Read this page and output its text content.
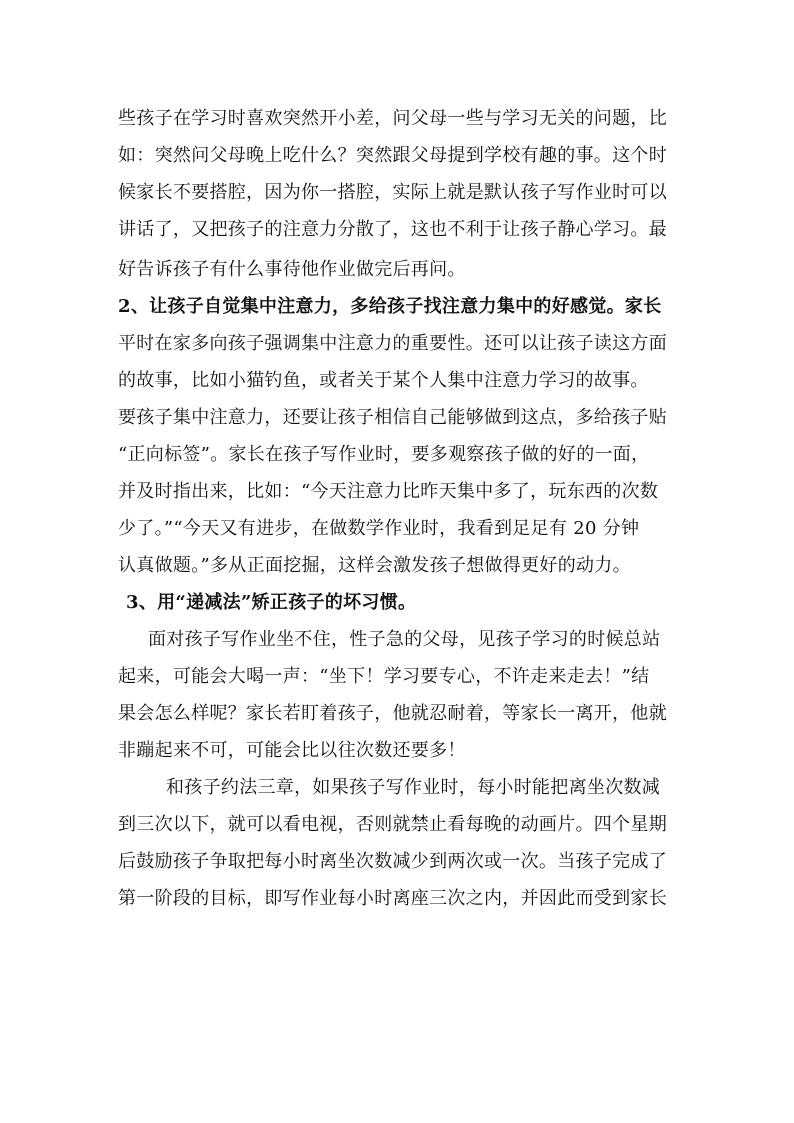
些孩子在学习时喜欢突然开小差，问父母一些与学习无关的问题，比
如：突然问父母晚上吃什么？突然跟父母提到学校有趣的事。这个时
候家长不要搭腔，因为你一搭腔，实际上就是默认孩子写作业时可以
讲话了，又把孩子的注意力分散了，这也不利于让孩子静心学习。最
好告诉孩子有什么事待他作业做完后再问。
2、让孩子自觉集中注意力，多给孩子找注意力集中的好感觉。家长
平时在家多向孩子强调集中注意力的重要性。还可以让孩子读这方面
的故事，比如小猫钓鱼，或者关于某个人集中注意力学习的故事。
要孩子集中注意力，还要让孩子相信自己能够做到这点，多给孩子贴
“正向标签”。家长在孩子写作业时，要多观察孩子做的好的一面，
并及时指出来，比如：“今天注意力比昨天集中多了，玩东西的次数
少了。”“今天又有进步，在做数学作业时，我看到足足有 20 分钟
认真做题。”多从正面挖掘，这样会激发孩子想做得更好的动力。
3、用“递减法”矫正孩子的坏习惯。
面对孩子写作业坐不住，性子急的父母，见孩子学习的时候总站
起来，可能会大喝一声：“坐下！学习要专心，不许走来走去！”结
果会怎么样呢？家长若盯着孩子，他就忍耐着，等家长一离开，他就
非蹦起来不可，可能会比以往次数还要多！
和孩子约法三章，如果孩子写作业时，每小时能把离坐次数减
到三次以下，就可以看电视，否则就禁止看每晚的动画片。四个星期
后鼓励孩子争取把每小时离坐次数减少到两次或一次。当孩子完成了
第一阶段的目标，即写作业每小时离座三次之内，并因此而受到家长
